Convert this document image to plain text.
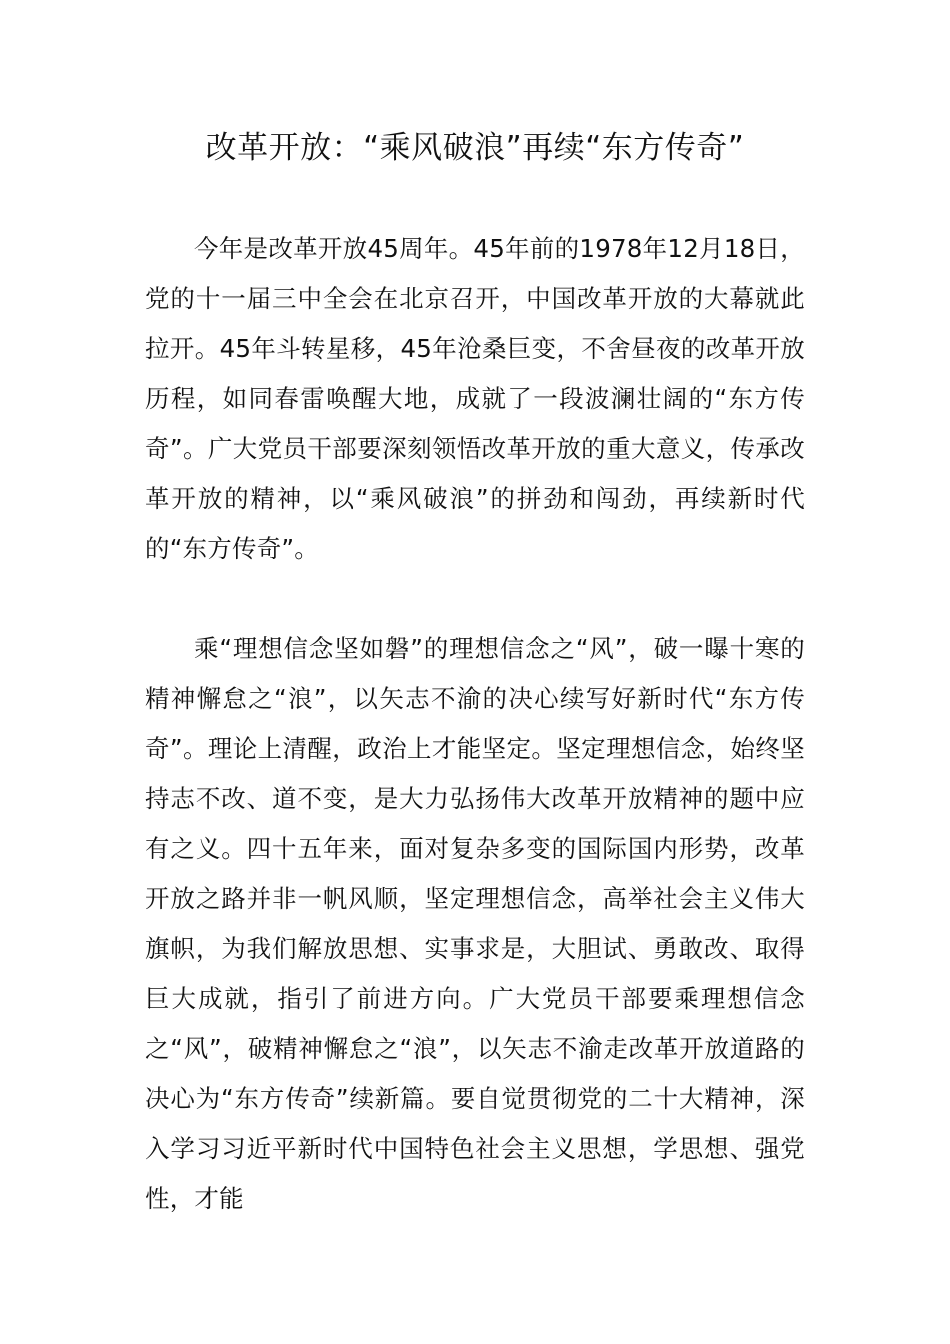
改革开放：“乘风破浪”再续“东方传奇”

今年是改革开放45周年。45年前的1978年12月18日，党的十一届三中全会在北京召开，中国改革开放的大幕就此拉开。45年斗转星移，45年沧桑巨变，不舍昼夜的改革开放历程，如同春雷唤醒大地，成就了一段波澜壮阔的“东方传奇”。广大党员干部要深刻领悟改革开放的重大意义，传承改革开放的精神，以“乘风破浪”的拼劲和闯劲，再续新时代的“东方传奇”。

乘“理想信念坚如磐”的理想信念之“风”，破一曝十寒的精神懈怠之“浪”，以矢志不渝的决心续写好新时代“东方传奇”。理论上清醒，政治上才能坚定。坚定理想信念，始终坚持志不改、道不变，是大力弘扬伟大改革开放精神的题中应有之义。四十五年来，面对复杂多变的国际国内形势，改革开放之路并非一帆风顺，坚定理想信念，高举社会主义伟大旗帜，为我们解放思想、实事求是，大胆试、勇敢改、取得巨大成就，指引了前进方向。广大党员干部要乘理想信念之“风”，破精神懈怠之“浪”，以矢志不渝走改革开放道路的决心为“东方传奇”续新篇。要自觉贯彻党的二十大精神，深入学习习近平新时代中国特色社会主义思想，学思想、强党性，才能
